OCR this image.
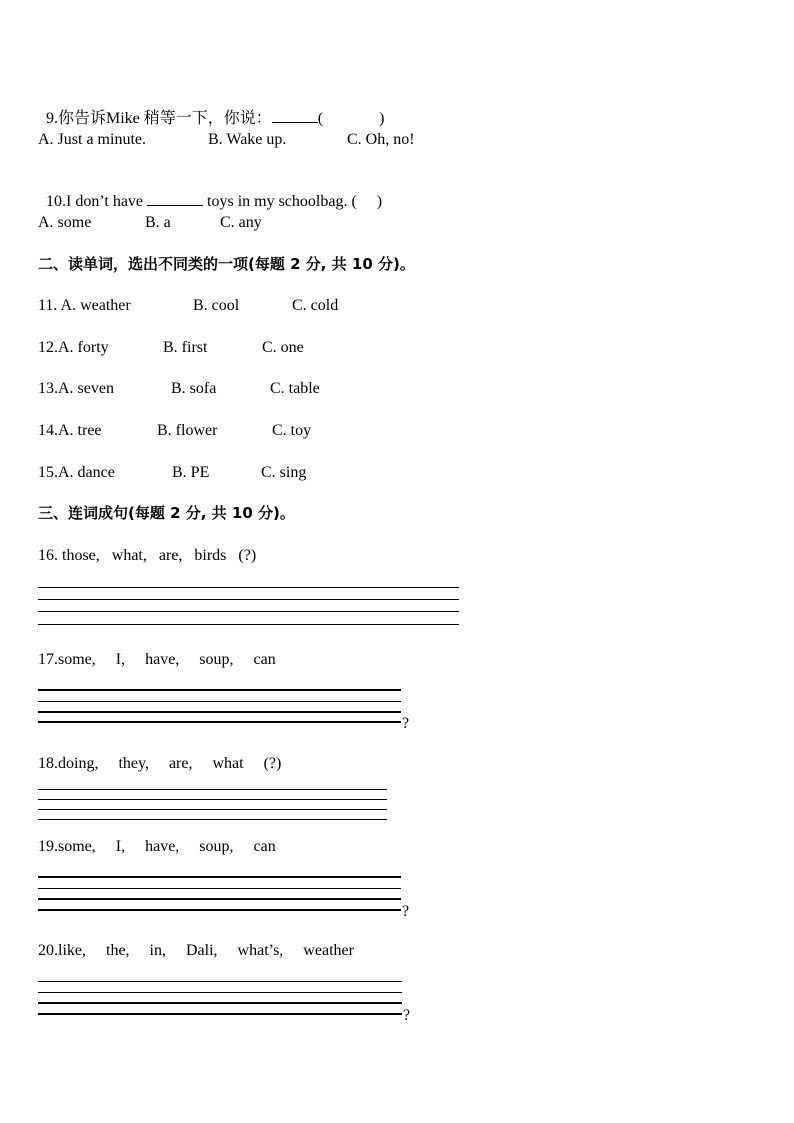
9.你告诉Mike 稍等一下，你说：	(	)

A. Just a minute.	B. Wake up.	C. Oh, no!

10.I don’t have	toys in my schoolbag. (     )

A. some	B. a	C. any
二、读单词，选出不同类的一项(每题 2 分, 共 10 分)。
11. A. weather	B. cool	C. cold
12.A. forty	B. first	C. one
13.A. seven	B. sofa	C. table
14.A. tree	B. flower	C. toy
15.A. dance	B. PE	C. sing
三、连词成句(每题 2 分, 共 10 分)。
16. those,   what,   are,   birds   (?)
17.some,     I,     have,     soup,     can
?
18.doing,     they,     are,     what     (?)
19.some,     I,     have,     soup,     can
?
20.like,     the,     in,     Dali,     what’s,     weather
?
